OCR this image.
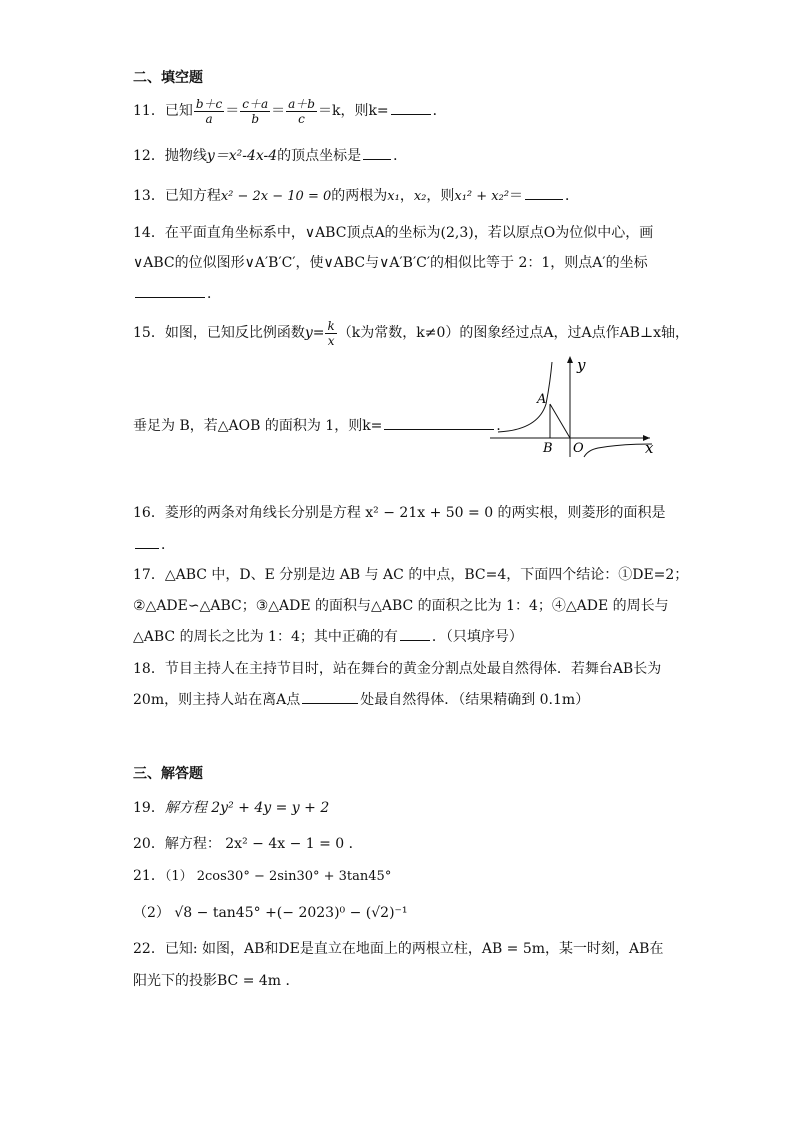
二、填空题
11．已知 $\frac{b+c}{a} = \frac{c+a}{b} = \frac{a+b}{c} =k$，则k=	．
12．抛物线y＝x²-4x-4的顶点坐标是 ．
13．已知方程x² − 2x − 10 = 0的两根为x₁，x₂，则x₁² + x₂²＝	．
14．在平面直角坐标系中，∨ABC顶点A的坐标为(2,3)，若以原点O为位似中心，画
∨ABC的位似图形∨A′B′C′，使∨ABC与∨A′B′C′的相似比等于 2：1，则点A′的坐标
．
15．如图，已知反比例函数$y= \frac{k}{x} (k$为常数，k≠0）的图象经过点A，过A点作AB⊥x轴，
垂足为 B，若△AOB 的面积为 1，则k=	．
y
x
A
B O
16．菱形的两条对角线长分别是方程 x² − 21x + 50 = 0 的两实根，则菱形的面积是
．
17．△ABC 中，D、E 分别是边 AB 与 AC 的中点，BC=4，下面四个结论：①DE=2；
②△ADE∽△ABC；③△ADE 的面积与△ABC 的面积之比为 1：4；④△ADE 的周长与
△ABC 的周长之比为 1：4；其中正确的有 ．（只填序号）
18．节目主持人在主持节目时，站在舞台的黄金分割点处最自然得体．若舞台AB长为
20m，则主持人站在离A点	处最自然得体．（结果精确到 0.1m）
三、解答题
19．解方程 2y² + 4y = y + 2
20．解方程： 2x² − 4x − 1 = 0 ．
21．（1） 2cos30° − 2sin30° + 3tan45°
（2） √8 − tan45° +(− 2023)⁰ − (√2)⁻¹
22．已知: 如图，AB和DE是直立在地面上的两根立柱，AB = 5m，某一时刻，AB在
阳光下的投影BC = 4m ．
